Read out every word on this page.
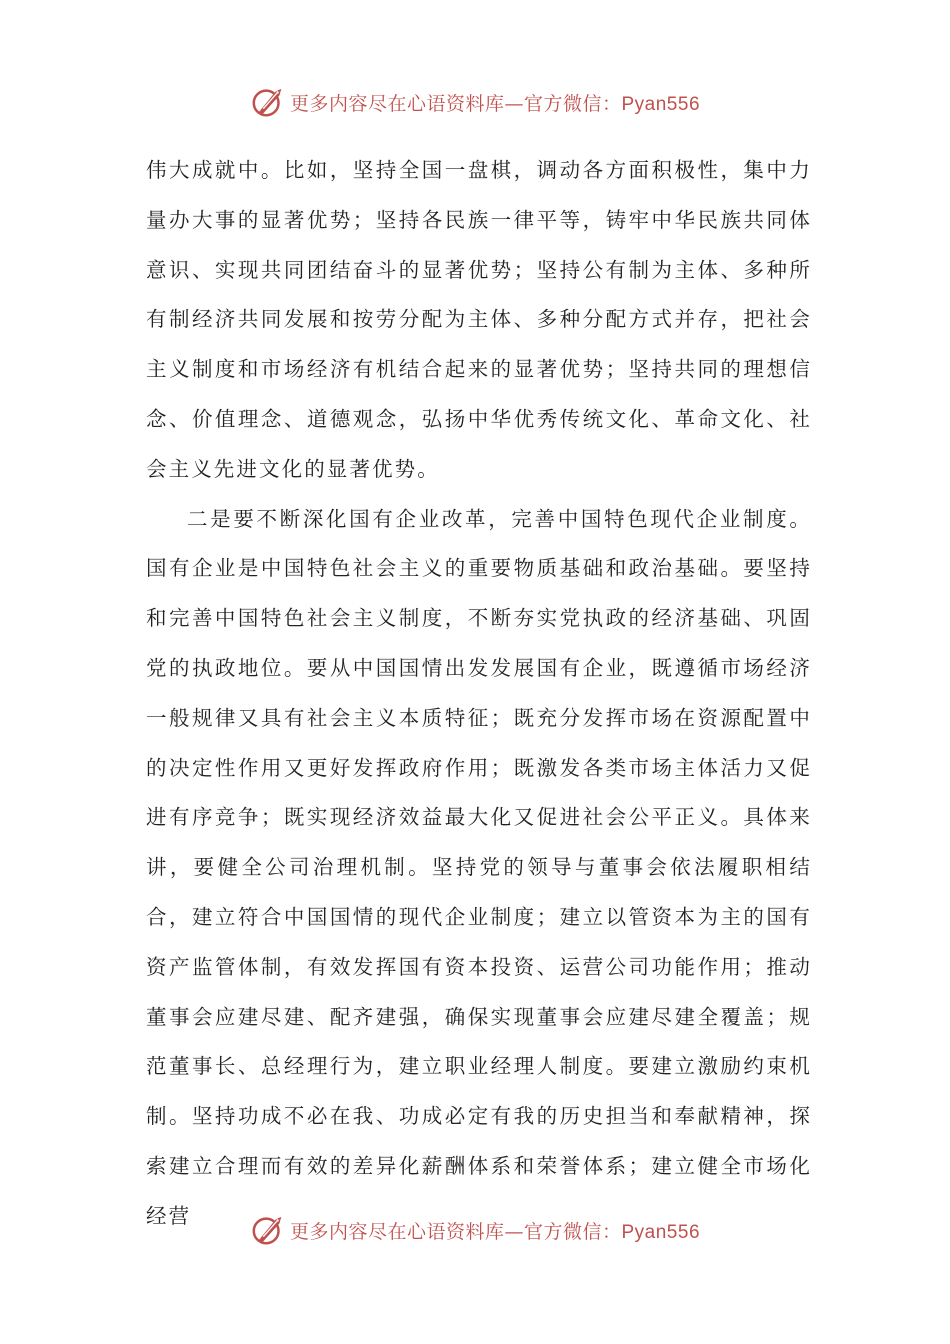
更多内容尽在心语资料库—官方微信：Pyan556

伟大成就中。比如，坚持全国一盘棋，调动各方面积极性，集中力量办大事的显著优势；坚持各民族一律平等，铸牢中华民族共同体意识、实现共同团结奋斗的显著优势；坚持公有制为主体、多种所有制经济共同发展和按劳分配为主体、多种分配方式并存，把社会主义制度和市场经济有机结合起来的显著优势；坚持共同的理想信念、价值理念、道德观念，弘扬中华优秀传统文化、革命文化、社会主义先进文化的显著优势。

二是要不断深化国有企业改革，完善中国特色现代企业制度。国有企业是中国特色社会主义的重要物质基础和政治基础。要坚持和完善中国特色社会主义制度，不断夯实党执政的经济基础、巩固党的执政地位。要从中国国情出发发展国有企业，既遵循市场经济一般规律又具有社会主义本质特征；既充分发挥市场在资源配置中的决定性作用又更好发挥政府作用；既激发各类市场主体活力又促进有序竞争；既实现经济效益最大化又促进社会公平正义。具体来讲，要健全公司治理机制。坚持党的领导与董事会依法履职相结合，建立符合中国国情的现代企业制度；建立以管资本为主的国有资产监管体制，有效发挥国有资本投资、运营公司功能作用；推动董事会应建尽建、配齐建强，确保实现董事会应建尽建全覆盖；规范董事长、总经理行为，建立职业经理人制度。要建立激励约束机制。坚持功成不必在我、功成必定有我的历史担当和奉献精神，探索建立合理而有效的差异化薪酬体系和荣誉体系；建立健全市场化经营

更多内容尽在心语资料库—官方微信：Pyan556
